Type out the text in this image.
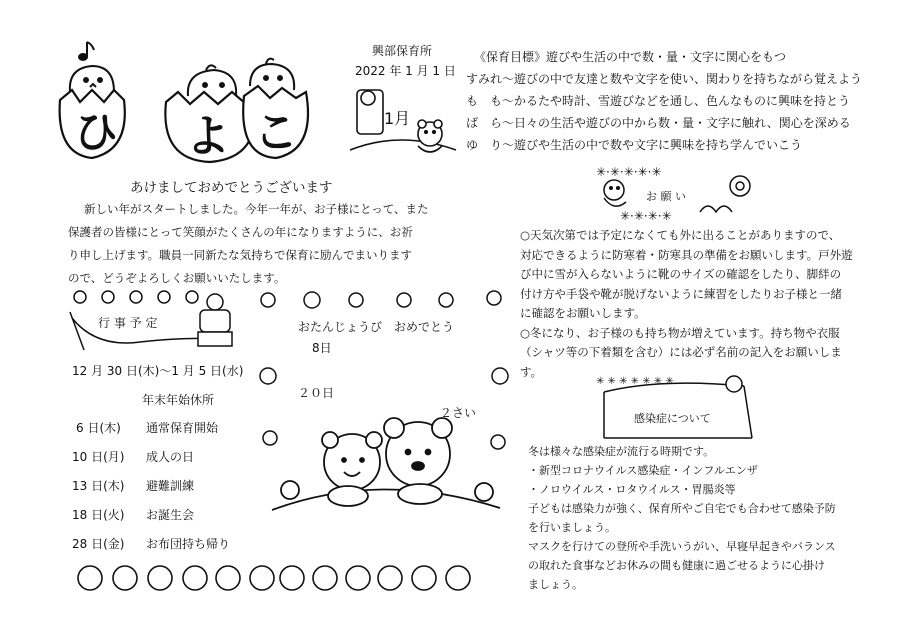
✳·✳·✳·✳·✳
✳·✳·✳·✳
✳ ✳ ✳ ✳ ✳ ✳ ✳
ひ よ こ
興部保育所
2022 年 1 月 1 日
1月
あけましておめでとうございます
新しい年がスタートしました。今年一年が、お子様にとって、また
保護者の皆様にとって笑顔がたくさんの年になりますように、お祈
り申し上げます。職員一同新たな気持ちで保育に励んでまいります
ので、どうぞよろしくお願いいたします。
行 事 予 定
12 月 30 日(木)～1 月 5 日(水)
年末年始休所
6 日(木) 通常保育開始
10 日(月) 成人の日
13 日(木) 避難訓練
18 日(火) お誕生会
28 日(金) お布団持ち帰り
おたんじょうび　おめでとう
8日
２０日
２さい
《保育目標》遊びや生活の中で数・量・文字に関心をもつ
すみれ～遊びの中で友達と数や文字を使い、関わりを持ちながら覚えよう
も　も～かるたや時計、雪遊びなどを通し、色んなものに興味を持とう
ば　ら～日々の生活や遊びの中から数・量・文字に触れ、関心を深める
ゆ　り～遊びや生活の中で数や文字に興味を持ち学んでいこう
お 願 い
○天気次第では予定になくても外に出ることがありますので、
対応できるように防寒着・防寒具の準備をお願いします。戸外遊
び中に雪が入らないように靴のサイズの確認をしたり、脚絆の
付け方や手袋や靴が脱げないように練習をしたりお子様と一緒
に確認をお願いします。
○冬になり、お子様のも持ち物が増えています。持ち物や衣服
（シャツ等の下着類を含む）には必ず名前の記入をお願いしま
す。
感染症について
冬は様々な感染症が流行る時期です。
・新型コロナウイルス感染症・インフルエンザ
・ノロウイルス・ロタウイルス・胃腸炎等
子どもは感染力が強く、保育所やご自宅でも合わせて感染予防
を行いましょう。
マスクを行けての登所や手洗いうがい、早寝早起きやバランス
の取れた食事などお休みの間も健康に過ごせるように心掛け
ましょう。
